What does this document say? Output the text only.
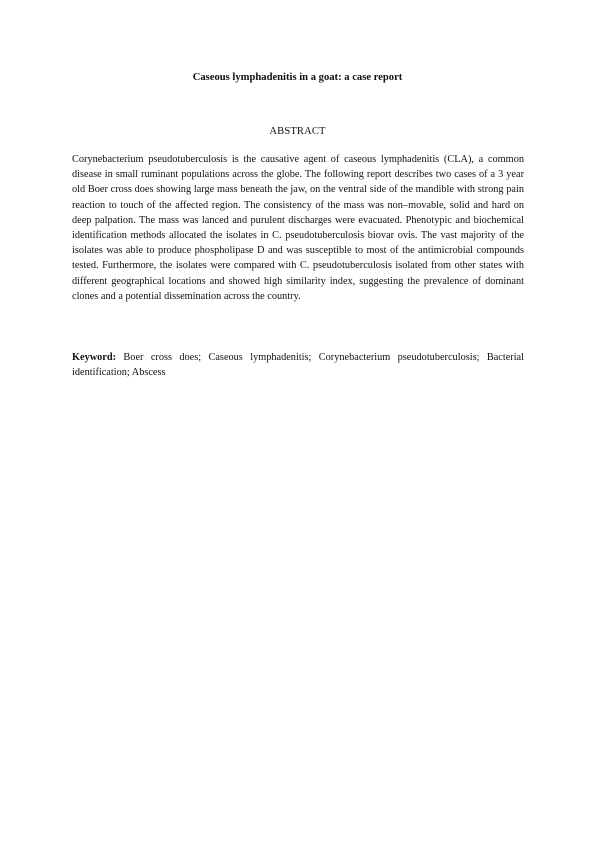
Caseous lymphadenitis in a goat: a case report
ABSTRACT

Corynebacterium pseudotuberculosis is the causative agent of caseous lymphadenitis (CLA), a common disease in small ruminant populations across the globe. The following report describes two cases of a 3 year old Boer cross does showing large mass beneath the jaw, on the ventral side of the mandible with strong pain reaction to touch of the affected region. The consistency of the mass was non–movable, solid and hard on deep palpation. The mass was lanced and purulent discharges were evacuated. Phenotypic and biochemical identification methods allocated the isolates in C. pseudotuberculosis biovar ovis. The vast majority of the isolates was able to produce phospholipase D and was susceptible to most of the antimicrobial compounds tested. Furthermore, the isolates were compared with C. pseudotuberculosis isolated from other states with different geographical locations and showed high similarity index, suggesting the prevalence of dominant clones and a potential dissemination across the country.

Keyword: Boer cross does; Caseous lymphadenitis; Corynebacterium pseudotuberculosis; Bacterial identification; Abscess
